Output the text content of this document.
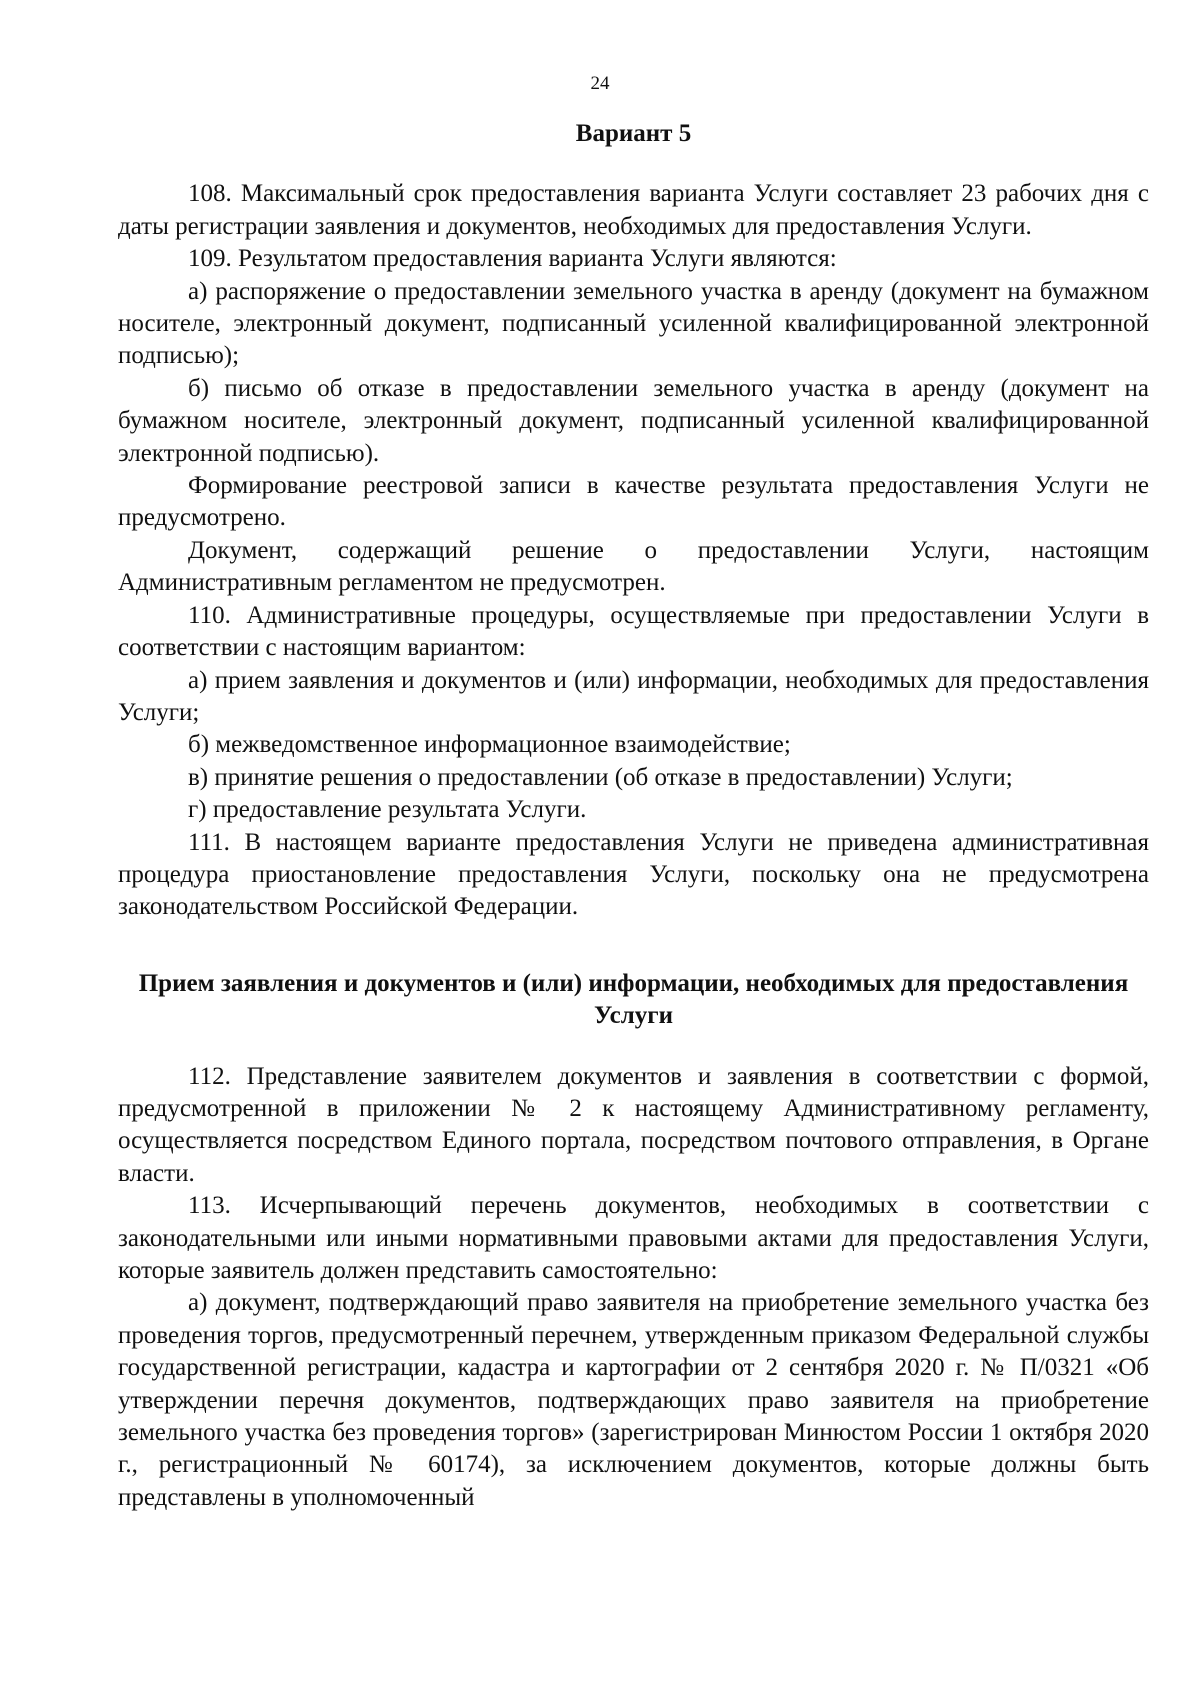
24
Вариант 5

108. Максимальный срок предоставления варианта Услуги составляет 23 рабочих дня с даты регистрации заявления и документов, необходимых для предоставления Услуги.

109. Результатом предоставления варианта Услуги являются:

а) распоряжение о предоставлении земельного участка в аренду (документ на бумажном носителе, электронный документ, подписанный усиленной квалифицированной электронной подписью);

б) письмо об отказе в предоставлении земельного участка в аренду (документ на бумажном носителе, электронный документ, подписанный усиленной квалифицированной электронной подписью).

Формирование реестровой записи в качестве результата предоставления Услуги не предусмотрено.

Документ, содержащий решение о предоставлении Услуги, настоящим Административным регламентом не предусмотрен.

110. Административные процедуры, осуществляемые при предоставлении Услуги в соответствии с настоящим вариантом:

а) прием заявления и документов и (или) информации, необходимых для предоставления Услуги;

б) межведомственное информационное взаимодействие;

в) принятие решения о предоставлении (об отказе в предоставлении) Услуги;

г) предоставление результата Услуги.

111. В настоящем варианте предоставления Услуги не приведена административная процедура приостановление предоставления Услуги, поскольку она не предусмотрена законодательством Российской Федерации.

Прием заявления и документов и (или) информации, необходимых для предоставления Услуги

112. Представление заявителем документов и заявления в соответствии с формой, предусмотренной в приложении № 2 к настоящему Административному регламенту, осуществляется посредством Единого портала, посредством почтового отправления, в Органе власти.

113. Исчерпывающий перечень документов, необходимых в соответствии с законодательными или иными нормативными правовыми актами для предоставления Услуги, которые заявитель должен представить самостоятельно:

а) документ, подтверждающий право заявителя на приобретение земельного участка без проведения торгов, предусмотренный перечнем, утвержденным приказом Федеральной службы государственной регистрации, кадастра и картографии от 2 сентября 2020 г. № П/0321 «Об утверждении перечня документов, подтверждающих право заявителя на приобретение земельного участка без проведения торгов» (зарегистрирован Минюстом России 1 октября 2020 г., регистрационный № 60174), за исключением документов, которые должны быть представлены в уполномоченный
